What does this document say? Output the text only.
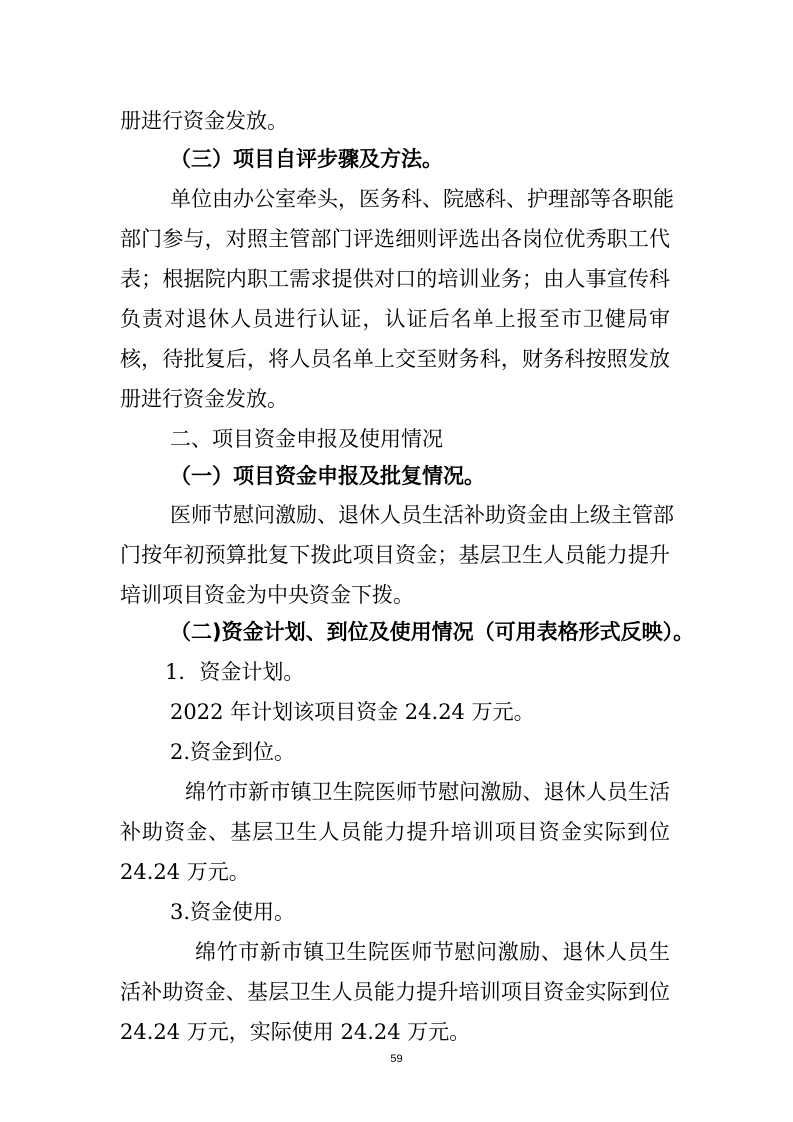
册进行资金发放。
（三）项目自评步骤及方法。
单位由办公室牵头，医务科、院感科、护理部等各职能
部门参与，对照主管部门评选细则评选出各岗位优秀职工代
表；根据院内职工需求提供对口的培训业务；由人事宣传科
负责对退休人员进行认证，认证后名单上报至市卫健局审
核，待批复后，将人员名单上交至财务科，财务科按照发放
册进行资金发放。
二、项目资金申报及使用情况
（一）项目资金申报及批复情况。
医师节慰问激励、退休人员生活补助资金由上级主管部
门按年初预算批复下拨此项目资金；基层卫生人员能力提升
培训项目资金为中央资金下拨。
（二)资金计划、到位及使用情况（可用表格形式反映）。
1．资金计划。
2022 年计划该项目资金 24.24 万元。
2.资金到位。
绵竹市新市镇卫生院医师节慰问激励、退休人员生活
补助资金、基层卫生人员能力提升培训项目资金实际到位
24.24 万元。
3.资金使用。
绵竹市新市镇卫生院医师节慰问激励、退休人员生
活补助资金、基层卫生人员能力提升培训项目资金实际到位
24.24 万元，实际使用 24.24 万元。
59
